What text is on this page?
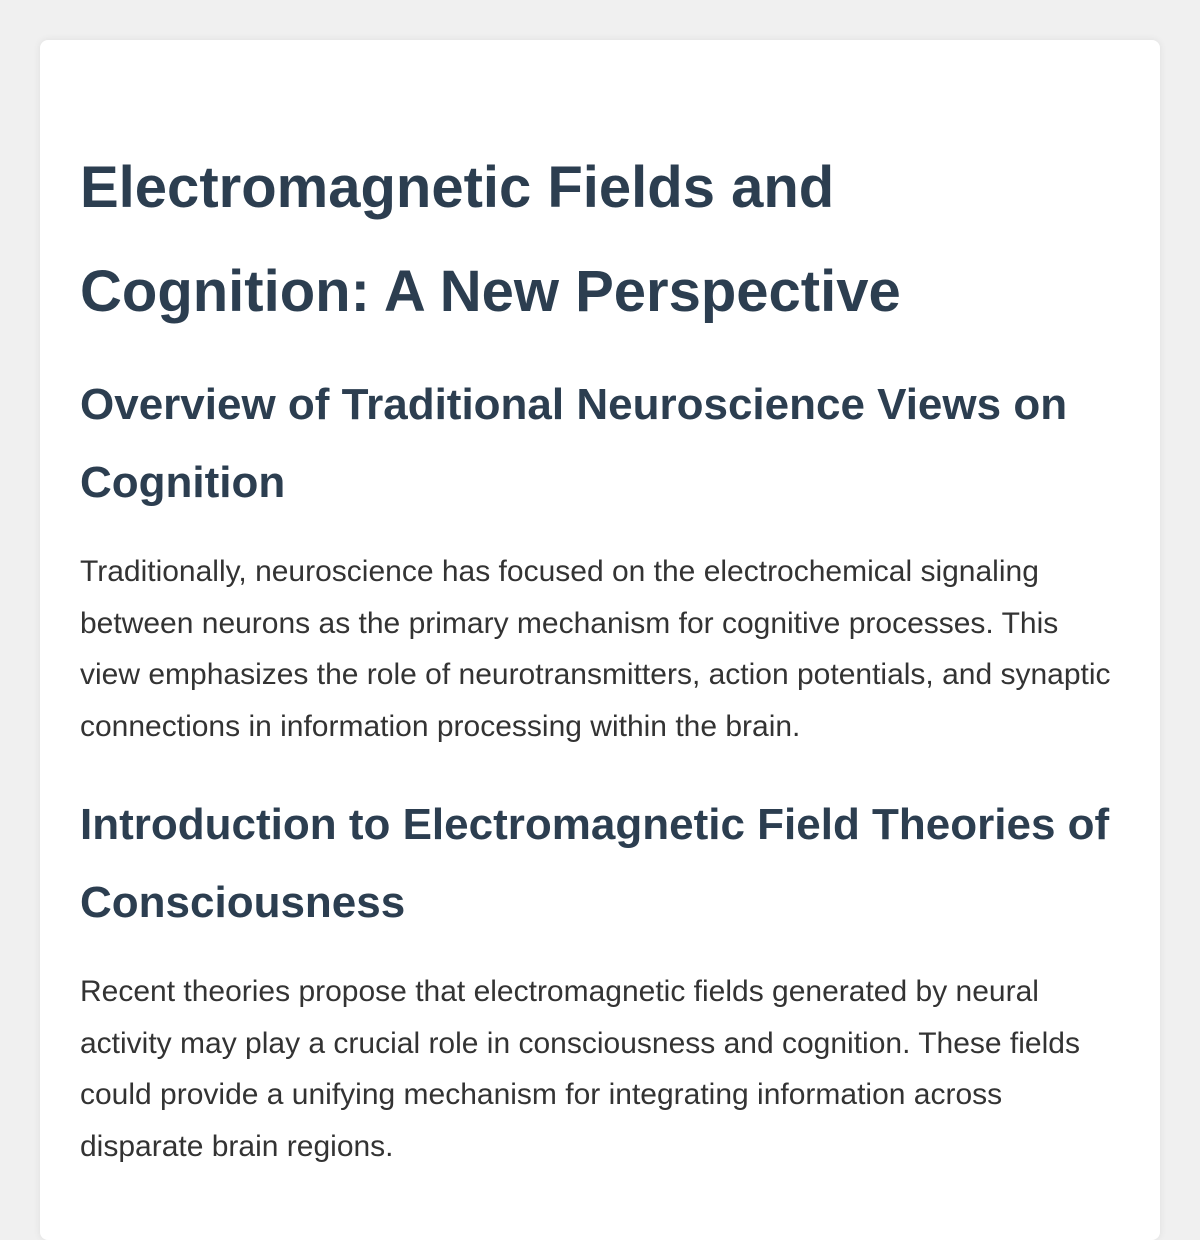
Electromagnetic Fields and Cognition: A New Perspective
Overview of Traditional Neuroscience Views on Cognition

Traditionally, neuroscience has focused on the electrochemical signaling between neurons as the primary mechanism for cognitive processes. This view emphasizes the role of neurotransmitters, action potentials, and synaptic connections in information processing within the brain.

Introduction to Electromagnetic Field Theories of Consciousness

Recent theories propose that electromagnetic fields generated by neural activity may play a crucial role in consciousness and cognition. These fields could provide a unifying mechanism for integrating information across disparate brain regions.
